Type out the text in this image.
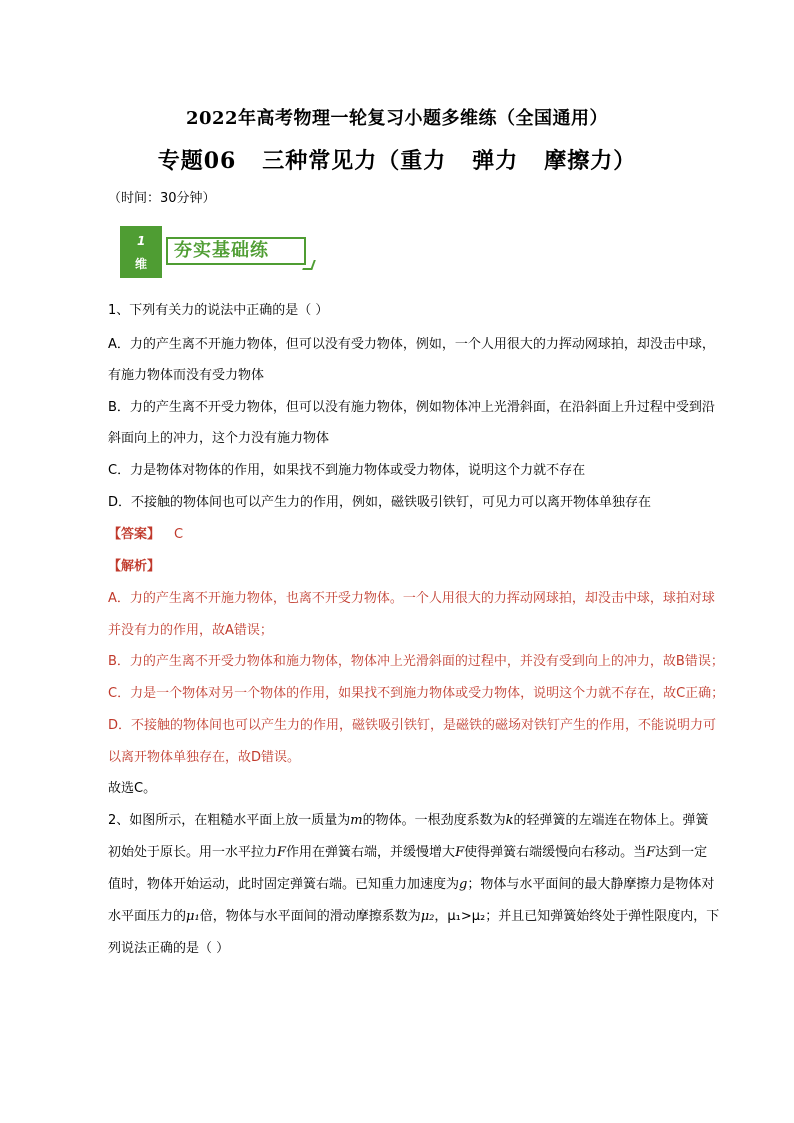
2022年高考物理一轮复习小题多维练（全国通用）
专题06   三种常见力（重力   弹力   摩擦力）
（时间：30分钟）
1
维
夯实基础练
1、下列有关力的说法中正确的是（ ）
A．力的产生离不开施力物体，但可以没有受力物体，例如，一个人用很大的力挥动网球拍，却没击中球，
有施力物体而没有受力物体
B．力的产生离不开受力物体，但可以没有施力物体，例如物体冲上光滑斜面，在沿斜面上升过程中受到沿
斜面向上的冲力，这个力没有施力物体
C．力是物体对物体的作用，如果找不到施力物体或受力物体，说明这个力就不存在
D．不接触的物体间也可以产生力的作用，例如，磁铁吸引铁钉，可见力可以离开物体单独存在
【答案】 C
【解析】
A．力的产生离不开施力物体，也离不开受力物体。一个人用很大的力挥动网球拍，却没击中球，球拍对球
并没有力的作用，故A错误；
B．力的产生离不开受力物体和施力物体，物体冲上光滑斜面的过程中，并没有受到向上的冲力，故B错误；
C．力是一个物体对另一个物体的作用，如果找不到施力物体或受力物体，说明这个力就不存在，故C正确；
D．不接触的物体间也可以产生力的作用，磁铁吸引铁钉，是磁铁的磁场对铁钉产生的作用，不能说明力可
以离开物体单独存在，故D错误。
故选C。
2、如图所示，在粗糙水平面上放一质量为m的物体。一根劲度系数为k的轻弹簧的左端连在物体上。弹簧
初始处于原长。用一水平拉力F作用在弹簧右端，并缓慢增大F使得弹簧右端缓慢向右移动。当F达到一定
值时，物体开始运动，此时固定弹簧右端。已知重力加速度为g；物体与水平面间的最大静摩擦力是物体对
水平面压力的μ₁倍，物体与水平面间的滑动摩擦系数为μ₂，μ₁>μ₂；并且已知弹簧始终处于弹性限度内，下
列说法正确的是（ ）
